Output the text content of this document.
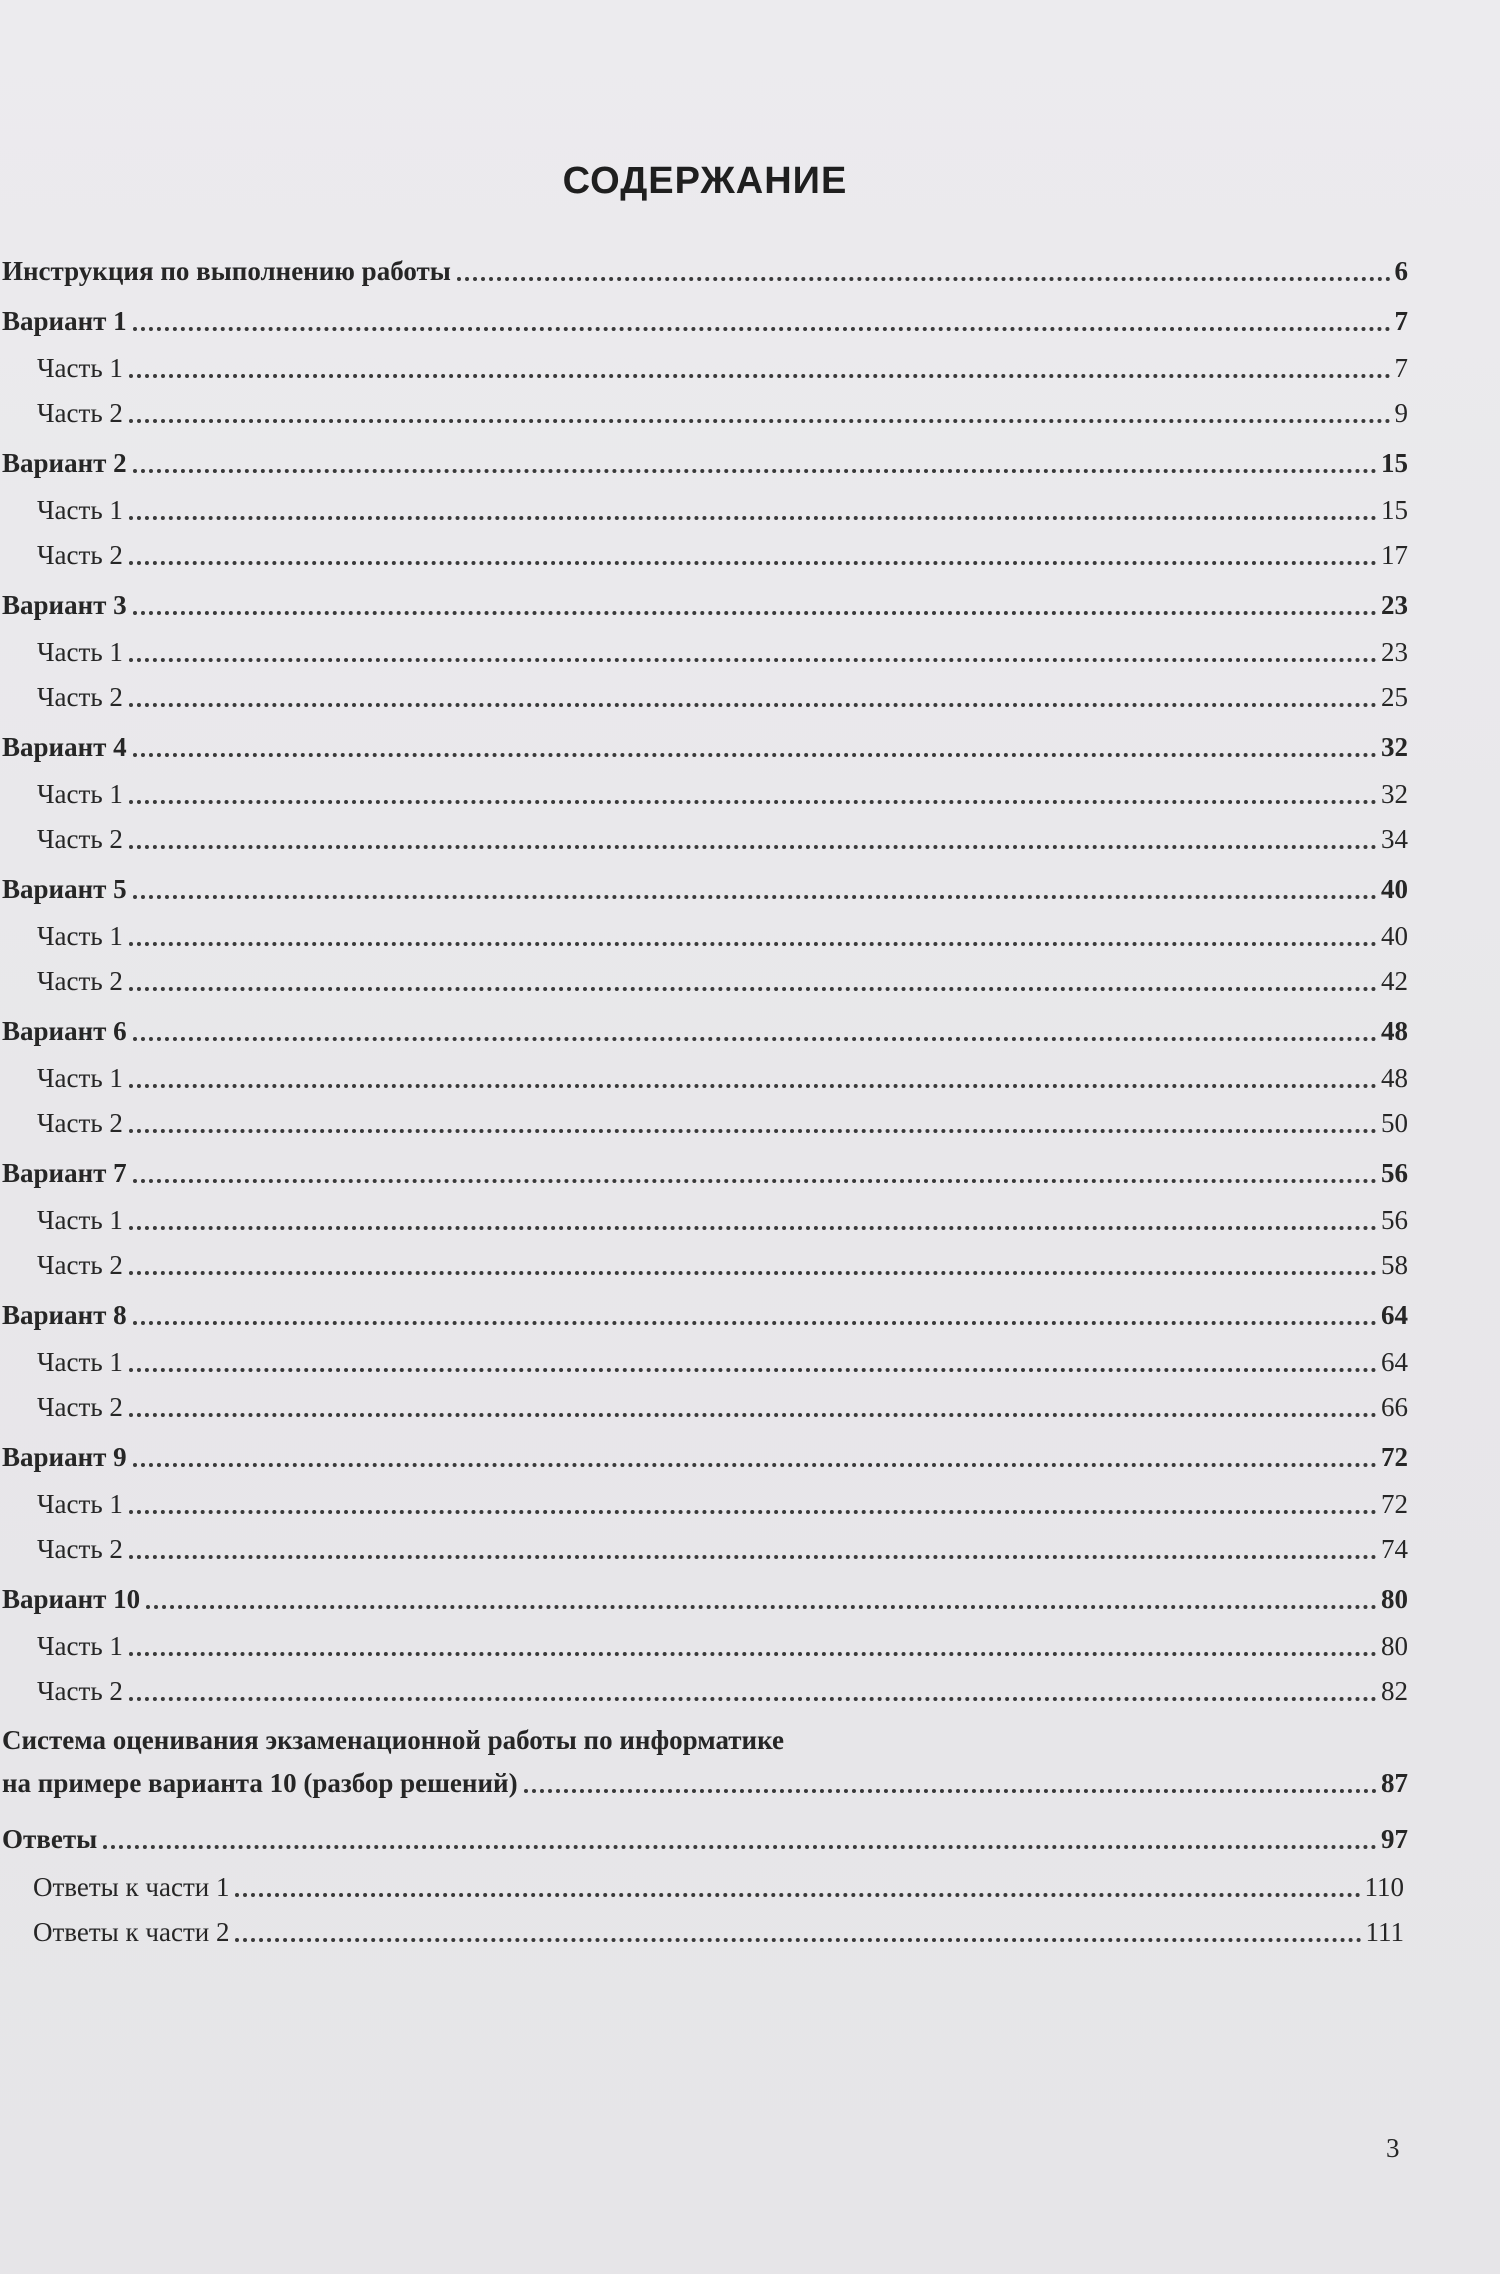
СОДЕРЖАНИЕ
Инструкция по выполнению работы	6
Вариант 1	7
Часть 1	7
Часть 2	9
Вариант 2	15
Часть 1	15
Часть 2	17
Вариант 3	23
Часть 1	23
Часть 2	25
Вариант 4	32
Часть 1	32
Часть 2	34
Вариант 5	40
Часть 1	40
Часть 2	42
Вариант 6	48
Часть 1	48
Часть 2	50
Вариант 7	56
Часть 1	56
Часть 2	58
Вариант 8	64
Часть 1	64
Часть 2	66
Вариант 9	72
Часть 1	72
Часть 2	74
Вариант 10	80
Часть 1	80
Часть 2	82
Система оценивания экзаменационной работы по информатике
на примере варианта 10 (разбор решений)	87
Ответы	97
Ответы к части 1	110
Ответы к части 2	111
3
